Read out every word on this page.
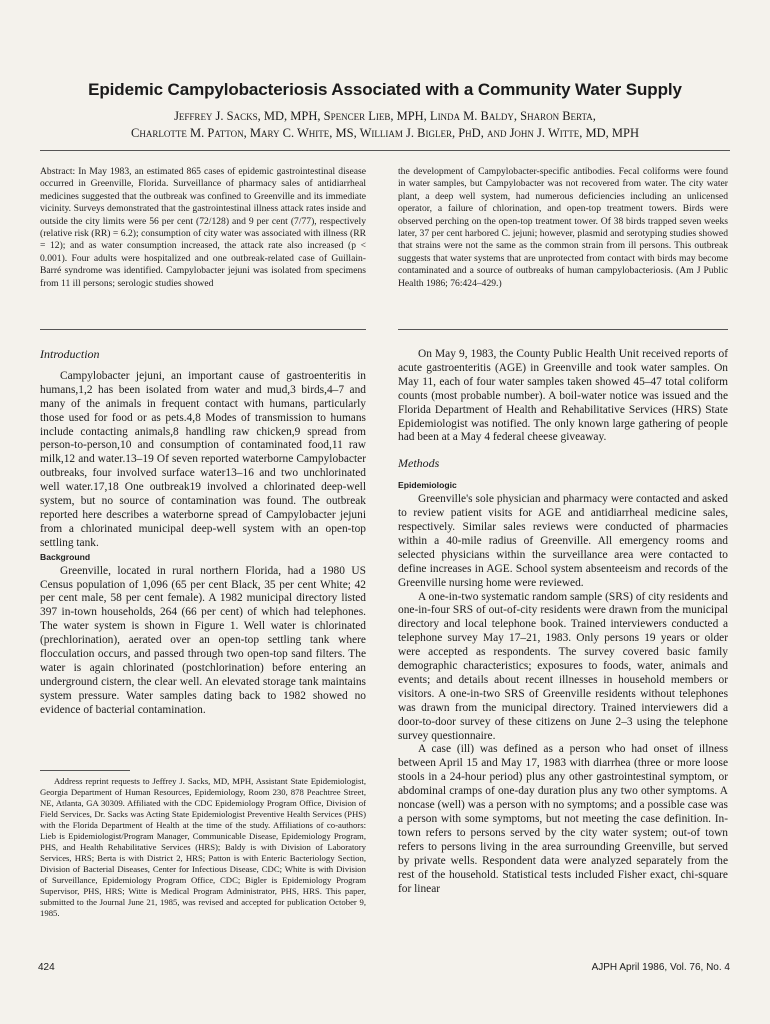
Epidemic Campylobacteriosis Associated with a Community Water Supply
Jeffrey J. Sacks, MD, MPH, Spencer Lieb, MPH, Linda M. Baldy, Sharon Berta,
Charlotte M. Patton, Mary C. White, MS, William J. Bigler, PhD, and John J. Witte, MD, MPH

Abstract: In May 1983, an estimated 865 cases of epidemic gastrointestinal disease occurred in Greenville, Florida. Surveillance of pharmacy sales of antidiarrheal medicines suggested that the outbreak was confined to Greenville and its immediate vicinity. Surveys demonstrated that the gastrointestinal illness attack rates inside and outside the city limits were 56 per cent (72/128) and 9 per cent (7/77), respectively (relative risk (RR) = 6.2); consumption of city water was associated with illness (RR = 12); and as water consumption increased, the attack rate also increased (p < 0.001). Four adults were hospitalized and one outbreak-related case of Guillain-Barré syndrome was identified. Campylobacter jejuni was isolated from specimens from 11 ill persons; serologic studies showed

the development of Campylobacter-specific antibodies. Fecal coliforms were found in water samples, but Campylobacter was not recovered from water. The city water plant, a deep well system, had numerous deficiencies including an unlicensed operator, a failure of chlorination, and open-top treatment towers. Birds were observed perching on the open-top treatment tower. Of 38 birds trapped seven weeks later, 37 per cent harbored C. jejuni; however, plasmid and serotyping studies showed that strains were not the same as the common strain from ill persons. This outbreak suggests that water systems that are unprotected from contact with birds may become contaminated and a source of outbreaks of human campylobacteriosis. (Am J Public Health 1986; 76:424–429.)

Introduction

Campylobacter jejuni, an important cause of gastroenteritis in humans,1,2 has been isolated from water and mud,3 birds,4–7 and many of the animals in frequent contact with humans, particularly those used for food or as pets.4,8 Modes of transmission to humans include contacting animals,8 handling raw chicken,9 spread from person-to-person,10 and consumption of contaminated food,11 raw milk,12 and water.13–19 Of seven reported waterborne Campylobacter outbreaks, four involved surface water13–16 and two unchlorinated well water.17,18 One outbreak19 involved a chlorinated deep-well system, but no source of contamination was found. The outbreak reported here describes a waterborne spread of Campylobacter jejuni from a chlorinated municipal deep-well system with an open-top settling tank.

Background

Greenville, located in rural northern Florida, had a 1980 US Census population of 1,096 (65 per cent Black, 35 per cent White; 42 per cent male, 58 per cent female). A 1982 municipal directory listed 397 in-town households, 264 (66 per cent) of which had telephones. The water system is shown in Figure 1. Well water is chlorinated (prechlorination), aerated over an open-top settling tank where flocculation occurs, and passed through two open-top sand filters. The water is again chlorinated (postchlorination) before entering an underground cistern, the clear well. An elevated storage tank maintains system pressure. Water samples dating back to 1982 showed no evidence of bacterial contamination.

Address reprint requests to Jeffrey J. Sacks, MD, MPH, Assistant State Epidemiologist, Georgia Department of Human Resources, Epidemiology, Room 230, 878 Peachtree Street, NE, Atlanta, GA 30309. Affiliated with the CDC Epidemiology Program Office, Division of Field Services, Dr. Sacks was Acting State Epidemiologist Preventive Health Services (PHS) with the Florida Department of Health at the time of the study. Affiliations of co-authors: Lieb is Epidemiologist/Program Manager, Communicable Disease, Epidemiology Program, PHS, and Health Rehabilitative Services (HRS); Baldy is with Division of Laboratory Services, HRS; Berta is with District 2, HRS; Patton is with Enteric Bacteriology Section, Division of Bacterial Diseases, Center for Infectious Disease, CDC; White is with Division of Surveillance, Epidemiology Program Office, CDC; Bigler is Epidemiology Program Supervisor, PHS, HRS; Witte is Medical Program Administrator, PHS, HRS. This paper, submitted to the Journal June 21, 1985, was revised and accepted for publication October 9, 1985.

On May 9, 1983, the County Public Health Unit received reports of acute gastroenteritis (AGE) in Greenville and took water samples. On May 11, each of four water samples taken showed 45–47 total coliform counts (most probable number). A boil-water notice was issued and the Florida Department of Health and Rehabilitative Services (HRS) State Epidemiologist was notified. The only known large gathering of people had been at a May 4 federal cheese giveaway.

Methods
Epidemiologic

Greenville's sole physician and pharmacy were contacted and asked to review patient visits for AGE and antidiarrheal medicine sales, respectively. Similar sales reviews were conducted of pharmacies within a 40-mile radius of Greenville. All emergency rooms and selected physicians within the surveillance area were contacted to define increases in AGE. School system absenteeism and records of the Greenville nursing home were reviewed.

A one-in-two systematic random sample (SRS) of city residents and one-in-four SRS of out-of-city residents were drawn from the municipal directory and local telephone book. Trained interviewers conducted a telephone survey May 17–21, 1983. Only persons 19 years or older were accepted as respondents. The survey covered basic family demographic characteristics; exposures to foods, water, animals and events; and details about recent illnesses in household members or visitors. A one-in-two SRS of Greenville residents without telephones was drawn from the municipal directory. Trained interviewers did a door-to-door survey of these citizens on June 2–3 using the telephone survey questionnaire.

A case (ill) was defined as a person who had onset of illness between April 15 and May 17, 1983 with diarrhea (three or more loose stools in a 24-hour period) plus any other gastrointestinal symptom, or abdominal cramps of one-day duration plus any two other symptoms. A noncase (well) was a person with no symptoms; and a possible case was a person with some symptoms, but not meeting the case definition. In-town refers to persons served by the city water system; out-of town refers to persons living in the area surrounding Greenville, but served by private wells. Respondent data were analyzed separately from the rest of the household. Statistical tests included Fisher exact, chi-square for linear

424	AJPH April 1986, Vol. 76, No. 4
